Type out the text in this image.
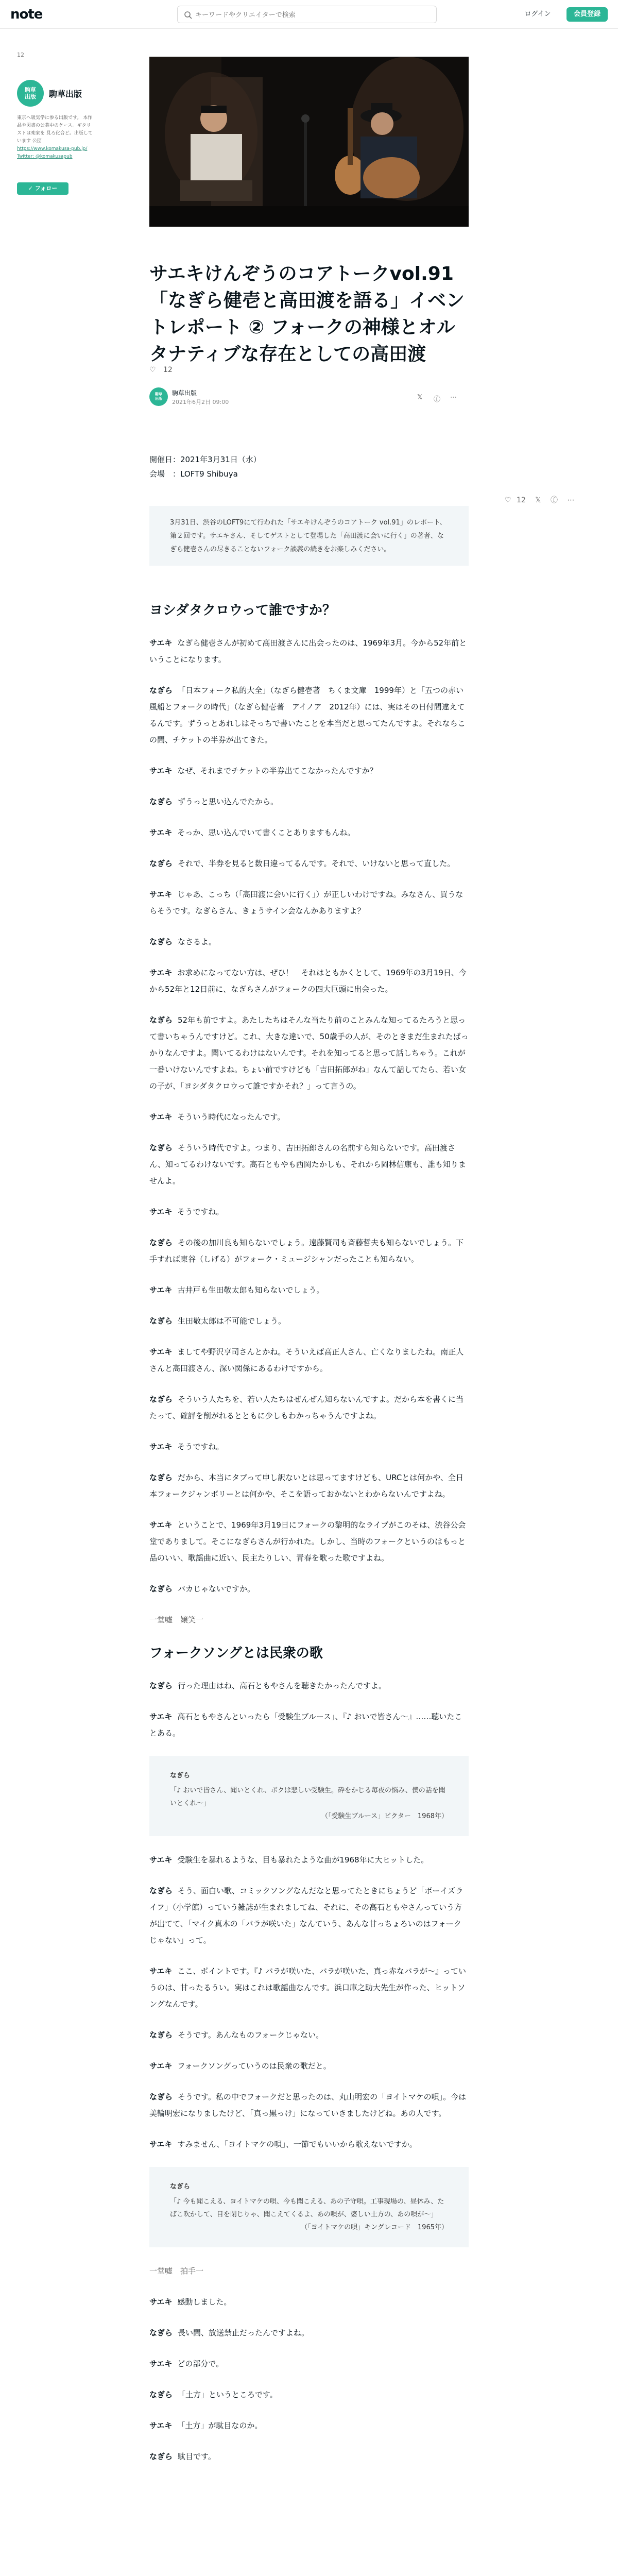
note
キーワードやクリエイターで検索	ログイン	会員登録
12
駒草
出版	駒草出版
東京へ吸気学に参る出版です。 本作品や図書の公募中のケース。ギタリストは楽家を 見ろ化合ど。出版しています 公団
https://www.komakusa-pub.jp/
Twitter: @komakusapub
✓ フォロー
サエキけんぞうのコアトークvol.91「なぎら健壱と高田渡を語る」イベントレポート ② フォークの神様とオルタナティブな存在としての高田渡
♡ 12
駒草
出版
駒草出版
2021年6月2日 09:00
𝕏 ⓕ ⋯
開催日：2021年3月31日（水）
会場　：LOFT9 Shibuya
3月31日、渋谷のLOFT9にて行われた「サエキけんぞうのコアトーク vol.91」のレポート、第２回です。サエキさん、そしてゲストとして登場した「高田渡に会いに行く」の著者、なぎら健壱さんの尽きることないフォーク談義の続きをお楽しみください。
ヨシダタクロウって誰ですか？
サエキ なぎら健壱さんが初めて高田渡さんに出会ったのは、1969年3月。今から52年前ということになります。
なぎら 「日本フォーク私的大全」（なぎら健壱著　ちくま文庫　1999年）と「五つの赤い風船とフォークの時代」（なぎら健壱著　アイノア　2012年）には、実はその日付間違えてるんです。ずうっとあれしはそっちで書いたことを本当だと思ってたんですよ。それならこの間、チケットの半券が出てきた。
サエキ なぜ、それまでチケットの半券出てこなかったんですか？
なぎら ずうっと思い込んでたから。
サエキ そっか、思い込んでいて書くことありますもんね。
なぎら それで、半券を見ると数日違ってるんです。それで、いけないと思って直した。
サエキ じゃあ、こっち（「高田渡に会いに行く」）が正しいわけですね。みなさん、買うならそうです。なぎらさん、きょうサイン会なんかありますよ？
なぎら なさるよ。
サエキ お求めになってない方は、ぜひ！　それはともかくとして、1969年の3月19日、今から52年と12日前に、なぎらさんがフォークの四大巨頭に出会った。
なぎら 52年も前ですよ。あたしたちはそんな当たり前のことみんな知ってるたろうと思って書いちゃうんですけど。これ、大きな違いで、50歳手の人が、そのときまだ生まれたばっかりなんですよ。聞いてるわけはないんです。それを知ってると思って話しちゃう。これが一番いけないんですよね。ちょい前ですけども「吉田拓郎がね」なんて話してたら、若い女の子が、「ヨシダタクロウって誰ですかそれ？」って言うの。
サエキ そういう時代になったんです。
なぎら そういう時代ですよ。つまり、吉田拓郎さんの名前すら知らないです。高田渡さん、知ってるわけないです。高石ともやも西岡たかしも、それから岡林信康も、誰も知りませんよ。
サエキ そうですね。
なぎら その後の加川良も知らないでしょう。遠藤賢司も斉藤哲夫も知らないでしょう。下手すれば東谷（しげる）がフォーク・ミュージシャンだったことも知らない。
サエキ 古井戸も生田敬太郎も知らないでしょう。
なぎら 生田敬太郎は不可能でしょう。
サエキ ましてや野沢亨司さんとかね。そういえば高正人さん、亡くなりましたね。南正人さんと高田渡さん、深い関係にあるわけですから。
なぎら そういう人たちを、若い人たちはぜんぜん知らないんですよ。だから本を書くに当たって、確評を削がれるとともに少しもわかっちゃうんですよね。
サエキ そうですね。
なぎら だから、本当にタブって申し訳ないとは思ってますけども、URCとは何かや、全日本フォークジャンボリーとは何かや、そこを語っておかないとわからないんですよね。
サエキ ということで、1969年3月19日にフォークの黎明的なライブがこのそは、渋谷公会堂でありまして。そこになぎらさんが行かれた。しかし、当時のフォークというのはもっと品のいい、歌謡曲に近い、民主たりしい、青春を歌った歌ですよね。
なぎら バカじゃないですか。
一堂嘘　嬢笑一
フォークソングとは民衆の歌
なぎら 行った理由はね、高石ともやさんを聴きたかったんですよ。
サエキ 高石ともやさんといったら「受験生ブルース」、『♪ おいで皆さん～』……聴いたことある。
なぎら
「♪ おいで皆さん、聞いとくれ、ボクは悲しい受験生。砕をかじる毎夜の悩み、僕の話を聞いとくれ～」
（「受験生ブルース」ビクター　1968年）
サエキ 受験生を暴れるような、目も暴れたような曲が1968年に大ヒットした。
なぎら そう、面白い歌、コミックソングなんだなと思ってたときにちょうど「ボーイズライフ」（小学館）っていう雑誌が生まれましてね、それに、その高石ともやさんっていう方が出てて、「マイク真木の「バラが咲いた」なんていう、あんな甘っちょろいのはフォークじゃない」って。
サエキ ここ、ポイントです。『♪ バラが咲いた、バラが咲いた、真っ赤なバラが～』っていうのは、甘ったるうい。実はこれは歌謡曲なんです。浜口庫之助大先生が作った、ヒットソングなんです。
なぎら そうです。あんなものフォークじゃない。
サエキ フォークソングっていうのは民衆の歌だと。
なぎら そうです。私の中でフォークだと思ったのは、丸山明宏の「ヨイトマケの唄」。今は美輪明宏になりましたけど、「真っ黒っけ」になっていきましたけどね。あの人です。
サエキ すみません、「ヨイトマケの唄」、一節でもいいから歌えないですか。
なぎら
「♪ 今も聞こえる、ヨイトマケの唄、今も聞こえる、あの子守唄。工事現場の、昼休み、たばこ吹かして、目を閉じりゃ、聞こえてくるよ、あの唄が、婆しい土方の、あの唄が～」
（「ヨイトマケの唄」キングレコード　1965年）
一堂嘘　拍手一
サエキ 感動しました。
なぎら 長い間、放送禁止だったんですよね。
サエキ どの部分で。
なぎら 「土方」というところです。
サエキ 「土方」が駄目なのか。
なぎら 駄目です。
♡ 12 𝕏 ⓕ ⋯
